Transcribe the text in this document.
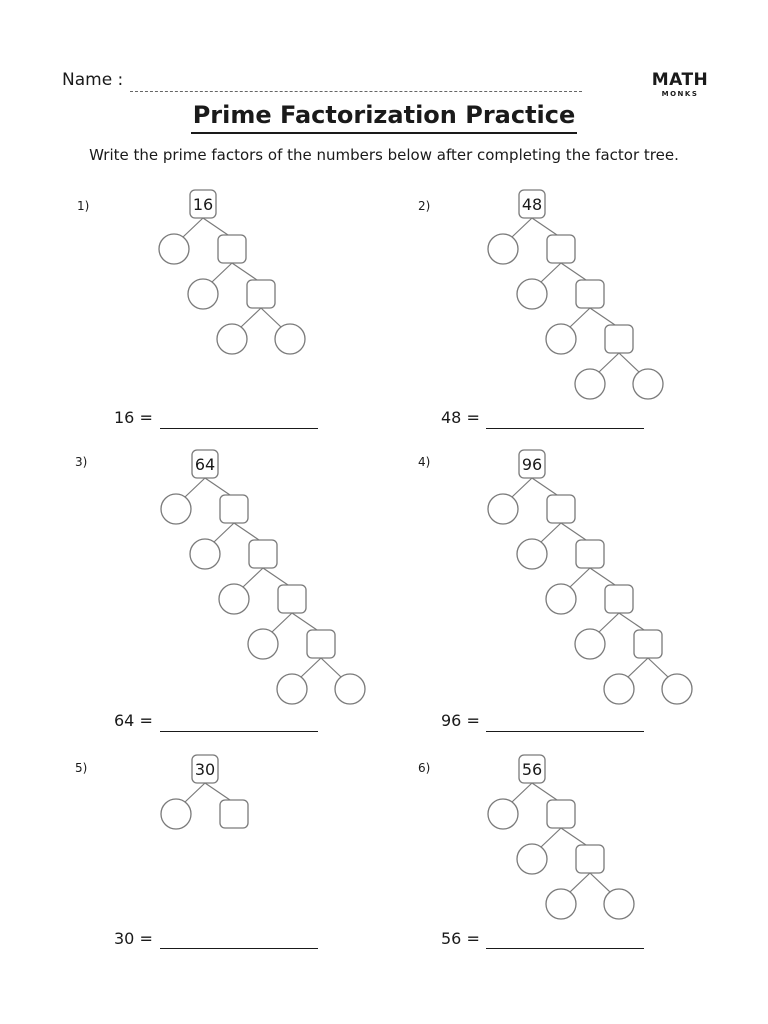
Name :	MATH
MONKS
Prime Factorization Practice
Write the prime factors of the numbers below after completing the factor tree.
1)	2)
3)	4)
5)	6)
16 =	48 =
64 =	96 =
30 =	56 =
16	48
64	96
30	56
